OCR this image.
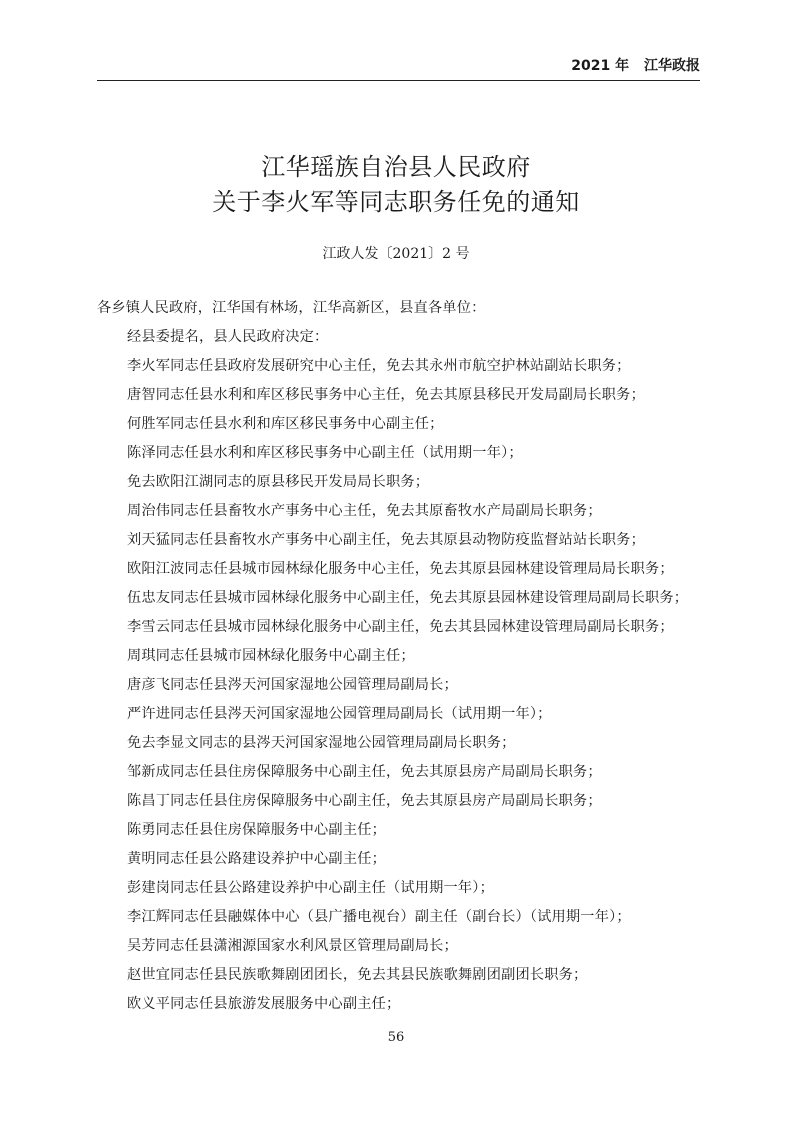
2021 年 江华政报
江华瑶族自治县人民政府
关于李火军等同志职务任免的通知
江政人发〔2021〕2 号
各乡镇人民政府，江华国有林场，江华高新区，县直各单位：
经县委提名，县人民政府决定：
李火军同志任县政府发展研究中心主任，免去其永州市航空护林站副站长职务；
唐智同志任县水利和库区移民事务中心主任，免去其原县移民开发局副局长职务；
何胜军同志任县水利和库区移民事务中心副主任；
陈泽同志任县水利和库区移民事务中心副主任（试用期一年）；
免去欧阳江湖同志的原县移民开发局局长职务；
周治伟同志任县畜牧水产事务中心主任，免去其原畜牧水产局副局长职务；
刘天猛同志任县畜牧水产事务中心副主任，免去其原县动物防疫监督站站长职务；
欧阳江波同志任县城市园林绿化服务中心主任，免去其原县园林建设管理局局长职务；
伍忠友同志任县城市园林绿化服务中心副主任，免去其原县园林建设管理局副局长职务；
李雪云同志任县城市园林绿化服务中心副主任，免去其县园林建设管理局副局长职务；
周琪同志任县城市园林绿化服务中心副主任；
唐彦飞同志任县涔天河国家湿地公园管理局副局长；
严许进同志任县涔天河国家湿地公园管理局副局长（试用期一年）；
免去李显文同志的县涔天河国家湿地公园管理局副局长职务；
邹新成同志任县住房保障服务中心副主任，免去其原县房产局副局长职务；
陈昌丁同志任县住房保障服务中心副主任，免去其原县房产局副局长职务；
陈勇同志任县住房保障服务中心副主任；
黄明同志任县公路建设养护中心副主任；
彭建岗同志任县公路建设养护中心副主任（试用期一年）；
李江辉同志任县融媒体中心（县广播电视台）副主任（副台长）（试用期一年）；
吴芳同志任县潇湘源国家水利风景区管理局副局长；
赵世宜同志任县民族歌舞剧团团长，免去其县民族歌舞剧团副团长职务；
欧义平同志任县旅游发展服务中心副主任；
56
